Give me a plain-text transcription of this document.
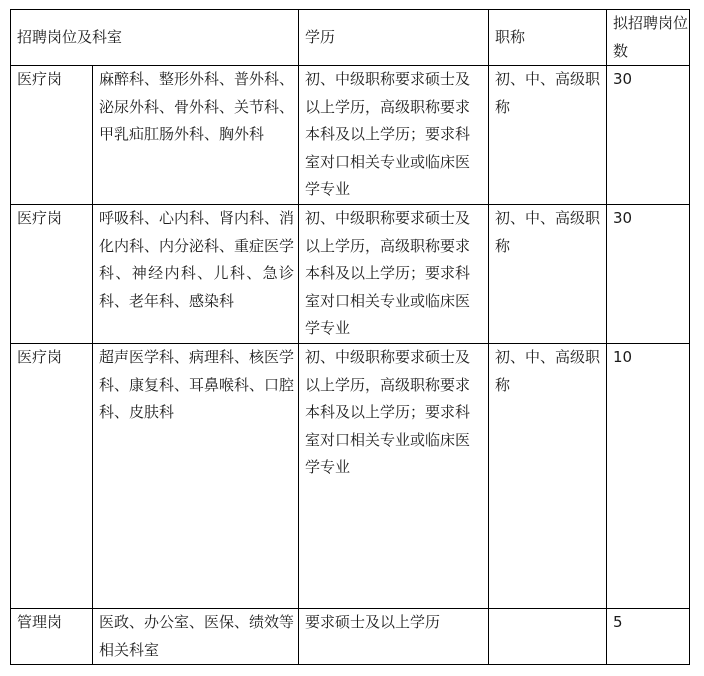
招聘岗位及科室		学历	职称	拟招聘岗位数
医疗岗	麻醉科、整形外科、普外科、泌尿外科、骨外科、关节科、甲乳疝肛肠外科、胸外科	初、中级职称要求硕士及以上学历，高级职称要求本科及以上学历；要求科室对口相关专业或临床医学专业	初、中、高级职称	30
医疗岗	呼吸科、心内科、肾内科、消化内科、内分泌科、重症医学科、神经内科、儿科、急诊科、老年科、感染科	初、中级职称要求硕士及以上学历，高级职称要求本科及以上学历；要求科室对口相关专业或临床医学专业	初、中、高级职称	30
医疗岗	超声医学科、病理科、核医学科、康复科、耳鼻喉科、口腔科、皮肤科	初、中级职称要求硕士及以上学历，高级职称要求本科及以上学历；要求科室对口相关专业或临床医学专业	初、中、高级职称	10
管理岗	医政、办公室、医保、绩效等相关科室	要求硕士及以上学历		5
